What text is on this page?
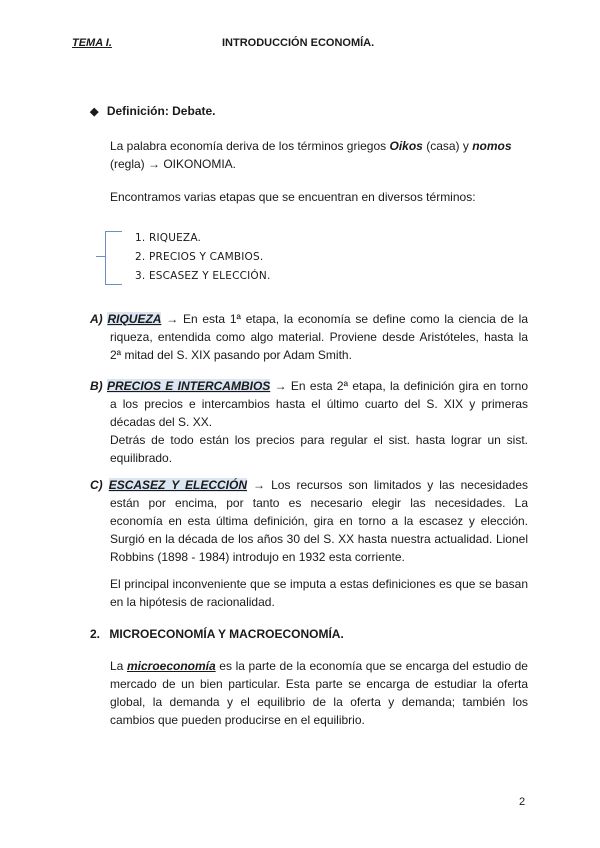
TEMA I.	INTRODUCCIÓN ECONOMÍA.
◆ Definición: Debate.
La palabra economía deriva de los términos griegos Oikos (casa) y nomos
(regla) → OIKONOMIA.
Encontramos varias etapas que se encuentran en diversos términos:
1. RIQUEZA.
2. PRECIOS Y CAMBIOS.
3. ESCASEZ Y ELECCIÓN.
A) RIQUEZA → En esta 1ª etapa, la economía se define como la ciencia de la
riqueza, entendida como algo material. Proviene desde Aristóteles, hasta la
2ª mitad del S. XIX pasando por Adam Smith.
B) PRECIOS E INTERCAMBIOS → En esta 2ª etapa, la definición gira en torno
a los precios e intercambios hasta el último cuarto del S. XIX y primeras
décadas del S. XX.
Detrás de todo están los precios para regular el sist. hasta lograr un sist.
equilibrado.
C) ESCASEZ Y ELECCIÓN → Los recursos son limitados y las necesidades
están por encima, por tanto es necesario elegir las necesidades. La
economía en esta última definición, gira en torno a la escasez y elección.
Surgió en la década de los años 30 del S. XX hasta nuestra actualidad. Lionel
Robbins (1898 - 1984) introdujo en 1932 esta corriente.
El principal inconveniente que se imputa a estas definiciones es que se basan
en la hipótesis de racionalidad.
2. MICROECONOMÍA Y MACROECONOMÍA.
La microeconomía es la parte de la economía que se encarga del estudio de
mercado de un bien particular. Esta parte se encarga de estudiar la oferta
global, la demanda y el equilibrio de la oferta y demanda; también los
cambios que pueden producirse en el equilibrio.
2
